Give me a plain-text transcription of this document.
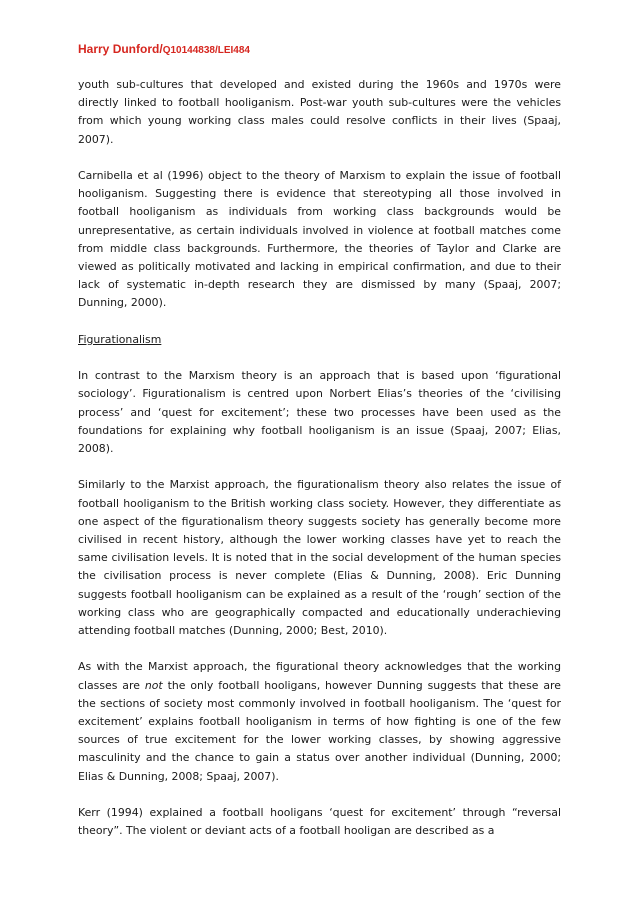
Harry Dunford/Q10144838/LEI484

youth sub-cultures that developed and existed during the 1960s and 1970s were directly linked to football hooliganism. Post-war youth sub-cultures were the vehicles from which young working class males could resolve conflicts in their lives (Spaaj, 2007).

Carnibella et al (1996) object to the theory of Marxism to explain the issue of football hooliganism. Suggesting there is evidence that stereotyping all those involved in football hooliganism as individuals from working class backgrounds would be unrepresentative, as certain individuals involved in violence at football matches come from middle class backgrounds. Furthermore, the theories of Taylor and Clarke are viewed as politically motivated and lacking in empirical confirmation, and due to their lack of systematic in-depth research they are dismissed by many (Spaaj, 2007; Dunning, 2000).

Figurationalism

In contrast to the Marxism theory is an approach that is based upon ‘figurational sociology’. Figurationalism is centred upon Norbert Elias’s theories of the ‘civilising process’ and ‘quest for excitement’; these two processes have been used as the foundations for explaining why football hooliganism is an issue (Spaaj, 2007; Elias, 2008).

Similarly to the Marxist approach, the figurationalism theory also relates the issue of football hooliganism to the British working class society. However, they differentiate as one aspect of the figurationalism theory suggests society has generally become more civilised in recent history, although the lower working classes have yet to reach the same civilisation levels. It is noted that in the social development of the human species the civilisation process is never complete (Elias & Dunning, 2008). Eric Dunning suggests football hooliganism can be explained as a result of the ‘rough’ section of the working class who are geographically compacted and educationally underachieving attending football matches (Dunning, 2000; Best, 2010).

As with the Marxist approach, the figurational theory acknowledges that the working classes are not the only football hooligans, however Dunning suggests that these are the sections of society most commonly involved in football hooliganism. The ‘quest for excitement’ explains football hooliganism in terms of how fighting is one of the few sources of true excitement for the lower working classes, by showing aggressive masculinity and the chance to gain a status over another individual (Dunning, 2000; Elias & Dunning, 2008; Spaaj, 2007).

Kerr (1994) explained a football hooligans ‘quest for excitement’ through “reversal theory”. The violent or deviant acts of a football hooligan are described as a
